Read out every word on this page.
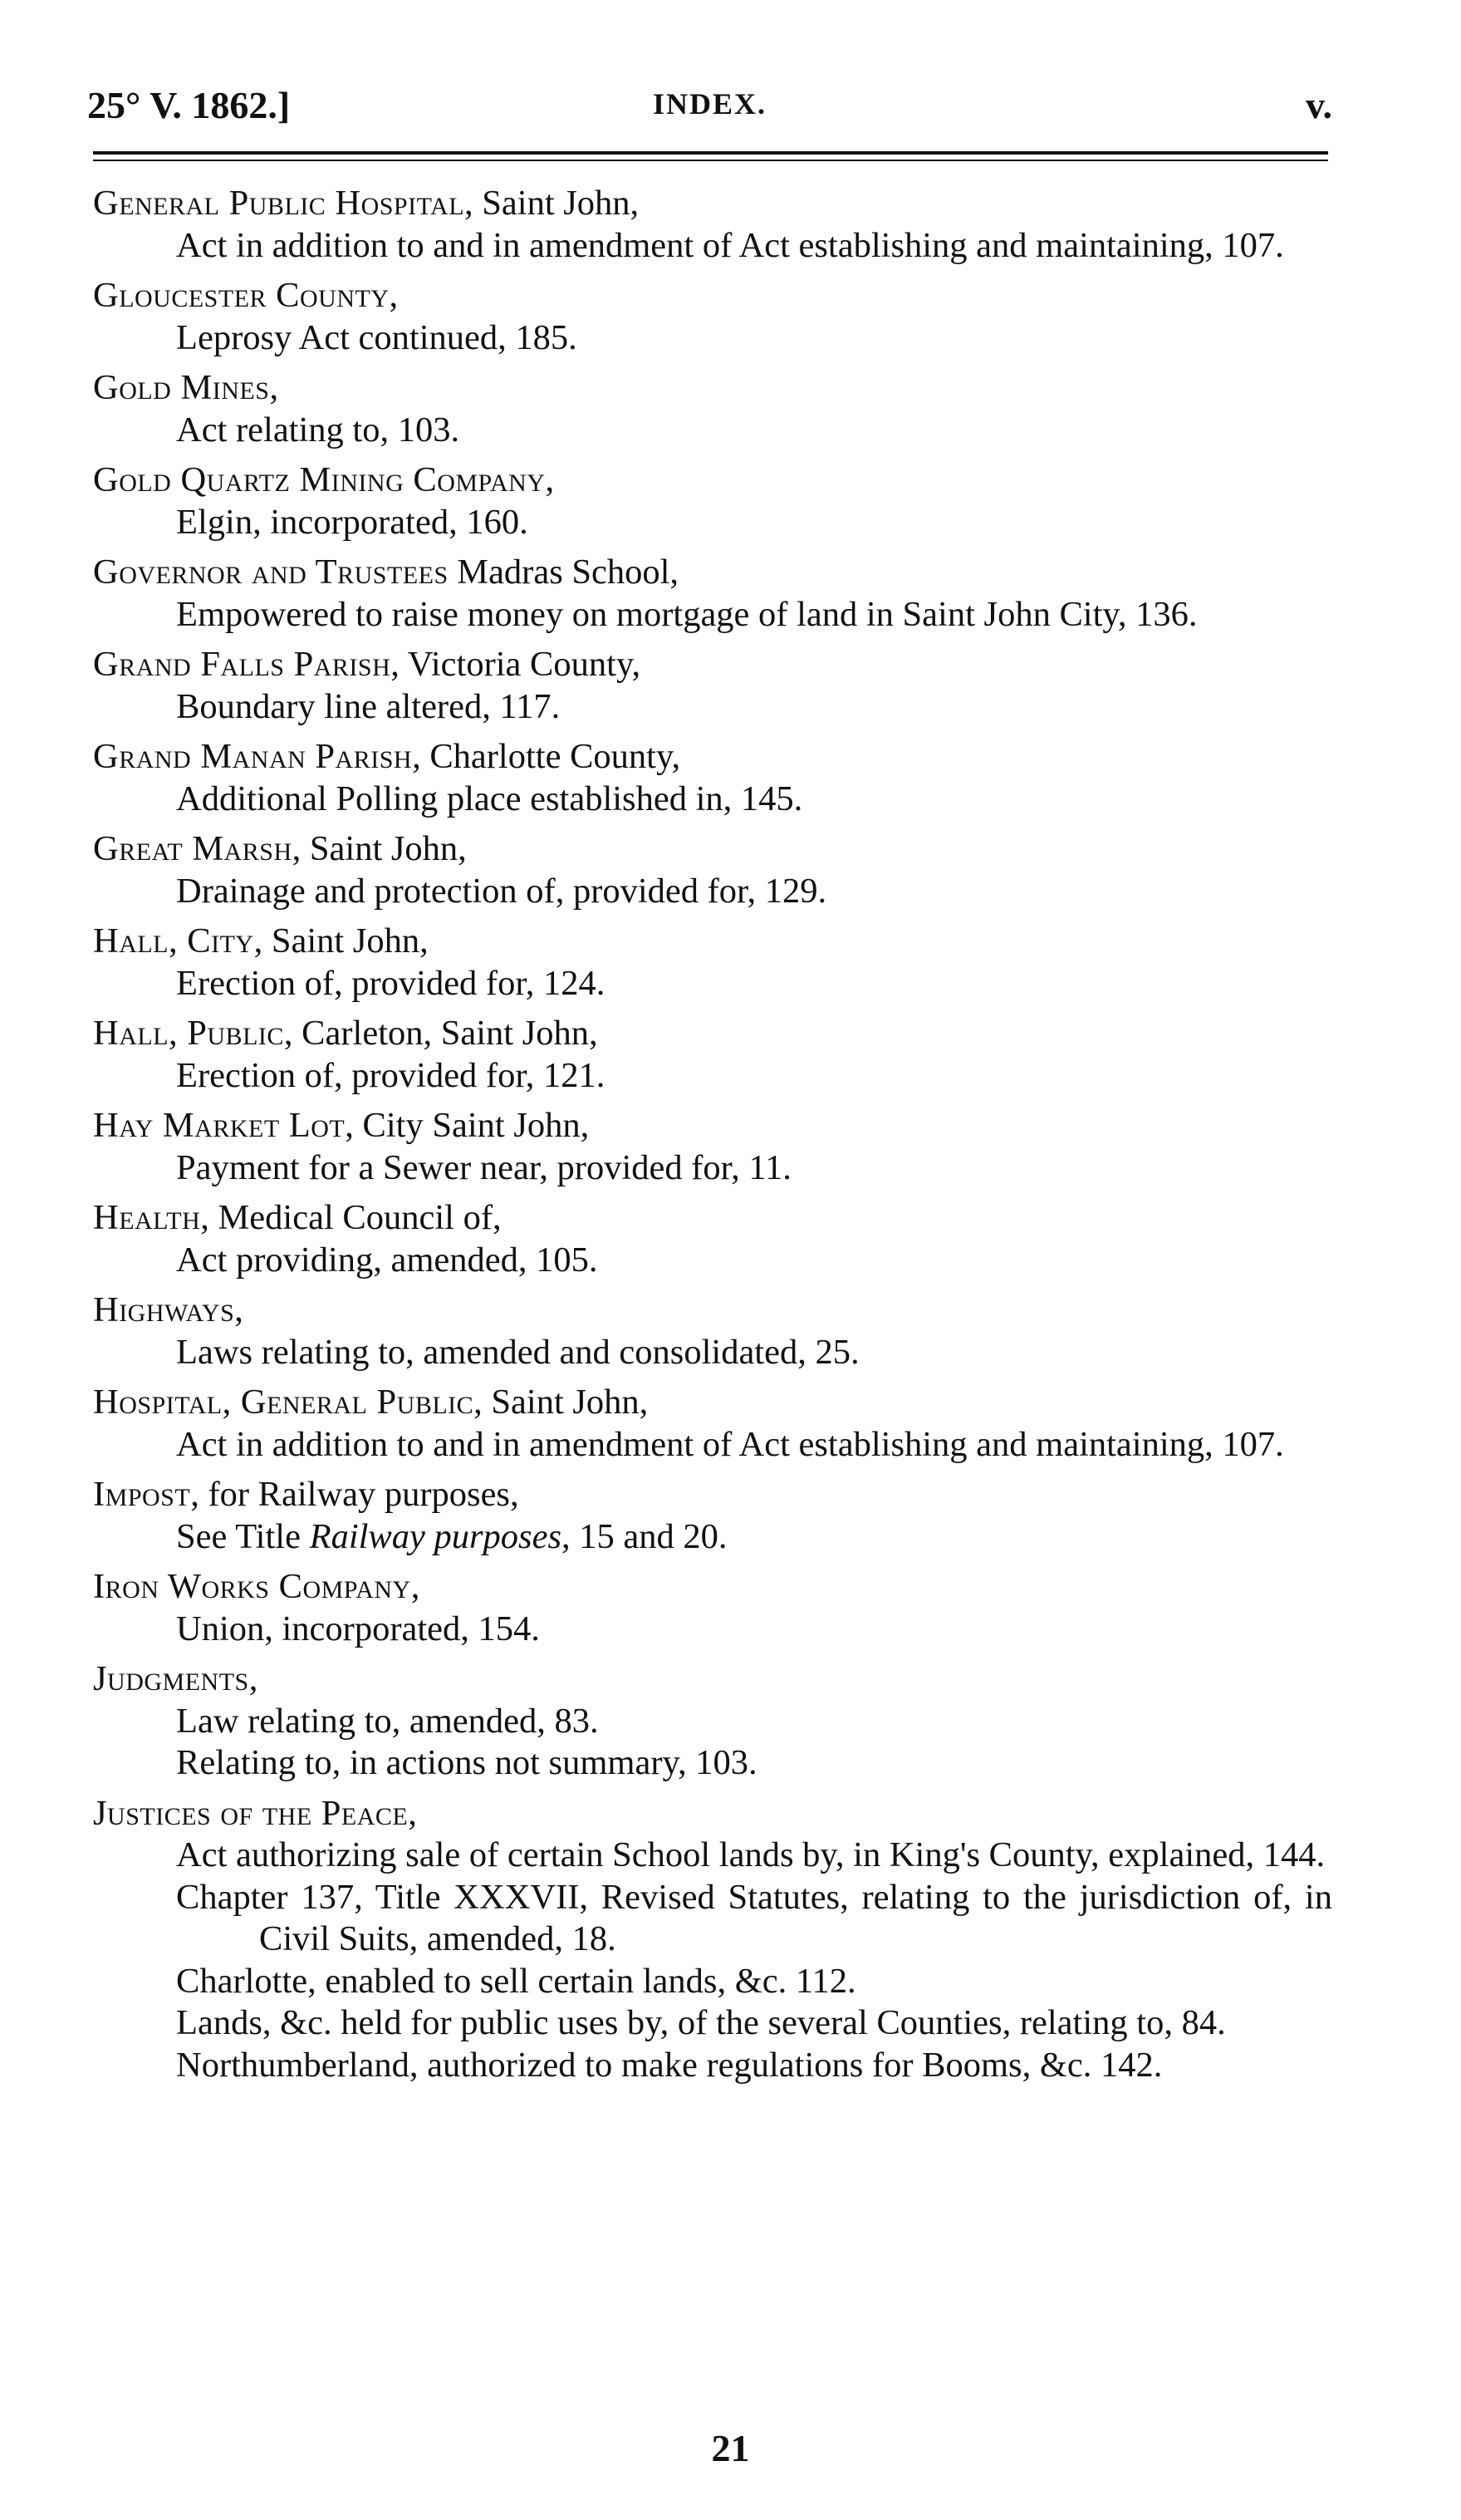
25° V. 1862.]	INDEX.	v.
General Public Hospital, Saint John,
Act in addition to and in amendment of Act establishing and maintaining, 107.
Gloucester County,
Leprosy Act continued, 185.
Gold Mines,
Act relating to, 103.
Gold Quartz Mining Company,
Elgin, incorporated, 160.
Governor and Trustees Madras School,
Empowered to raise money on mortgage of land in Saint John City, 136.
Grand Falls Parish, Victoria County,
Boundary line altered, 117.
Grand Manan Parish, Charlotte County,
Additional Polling place established in, 145.
Great Marsh, Saint John,
Drainage and protection of, provided for, 129.
Hall, City, Saint John,
Erection of, provided for, 124.
Hall, Public, Carleton, Saint John,
Erection of, provided for, 121.
Hay Market Lot, City Saint John,
Payment for a Sewer near, provided for, 11.
Health, Medical Council of,
Act providing, amended, 105.
Highways,
Laws relating to, amended and consolidated, 25.
Hospital, General Public, Saint John,
Act in addition to and in amendment of Act establishing and maintaining, 107.
Impost, for Railway purposes,
See Title Railway purposes, 15 and 20.
Iron Works Company,
Union, incorporated, 154.
Judgments,
Law relating to, amended, 83.
Relating to, in actions not summary, 103.
Justices of the Peace,
Act authorizing sale of certain School lands by, in King's County, explained, 144.
Chapter 137, Title XXXVII, Revised Statutes, relating to the jurisdiction of, in Civil Suits, amended, 18.
Charlotte, enabled to sell certain lands, &c. 112.
Lands, &c. held for public uses by, of the several Counties, relating to, 84.
Northumberland, authorized to make regulations for Booms, &c. 142.
21
